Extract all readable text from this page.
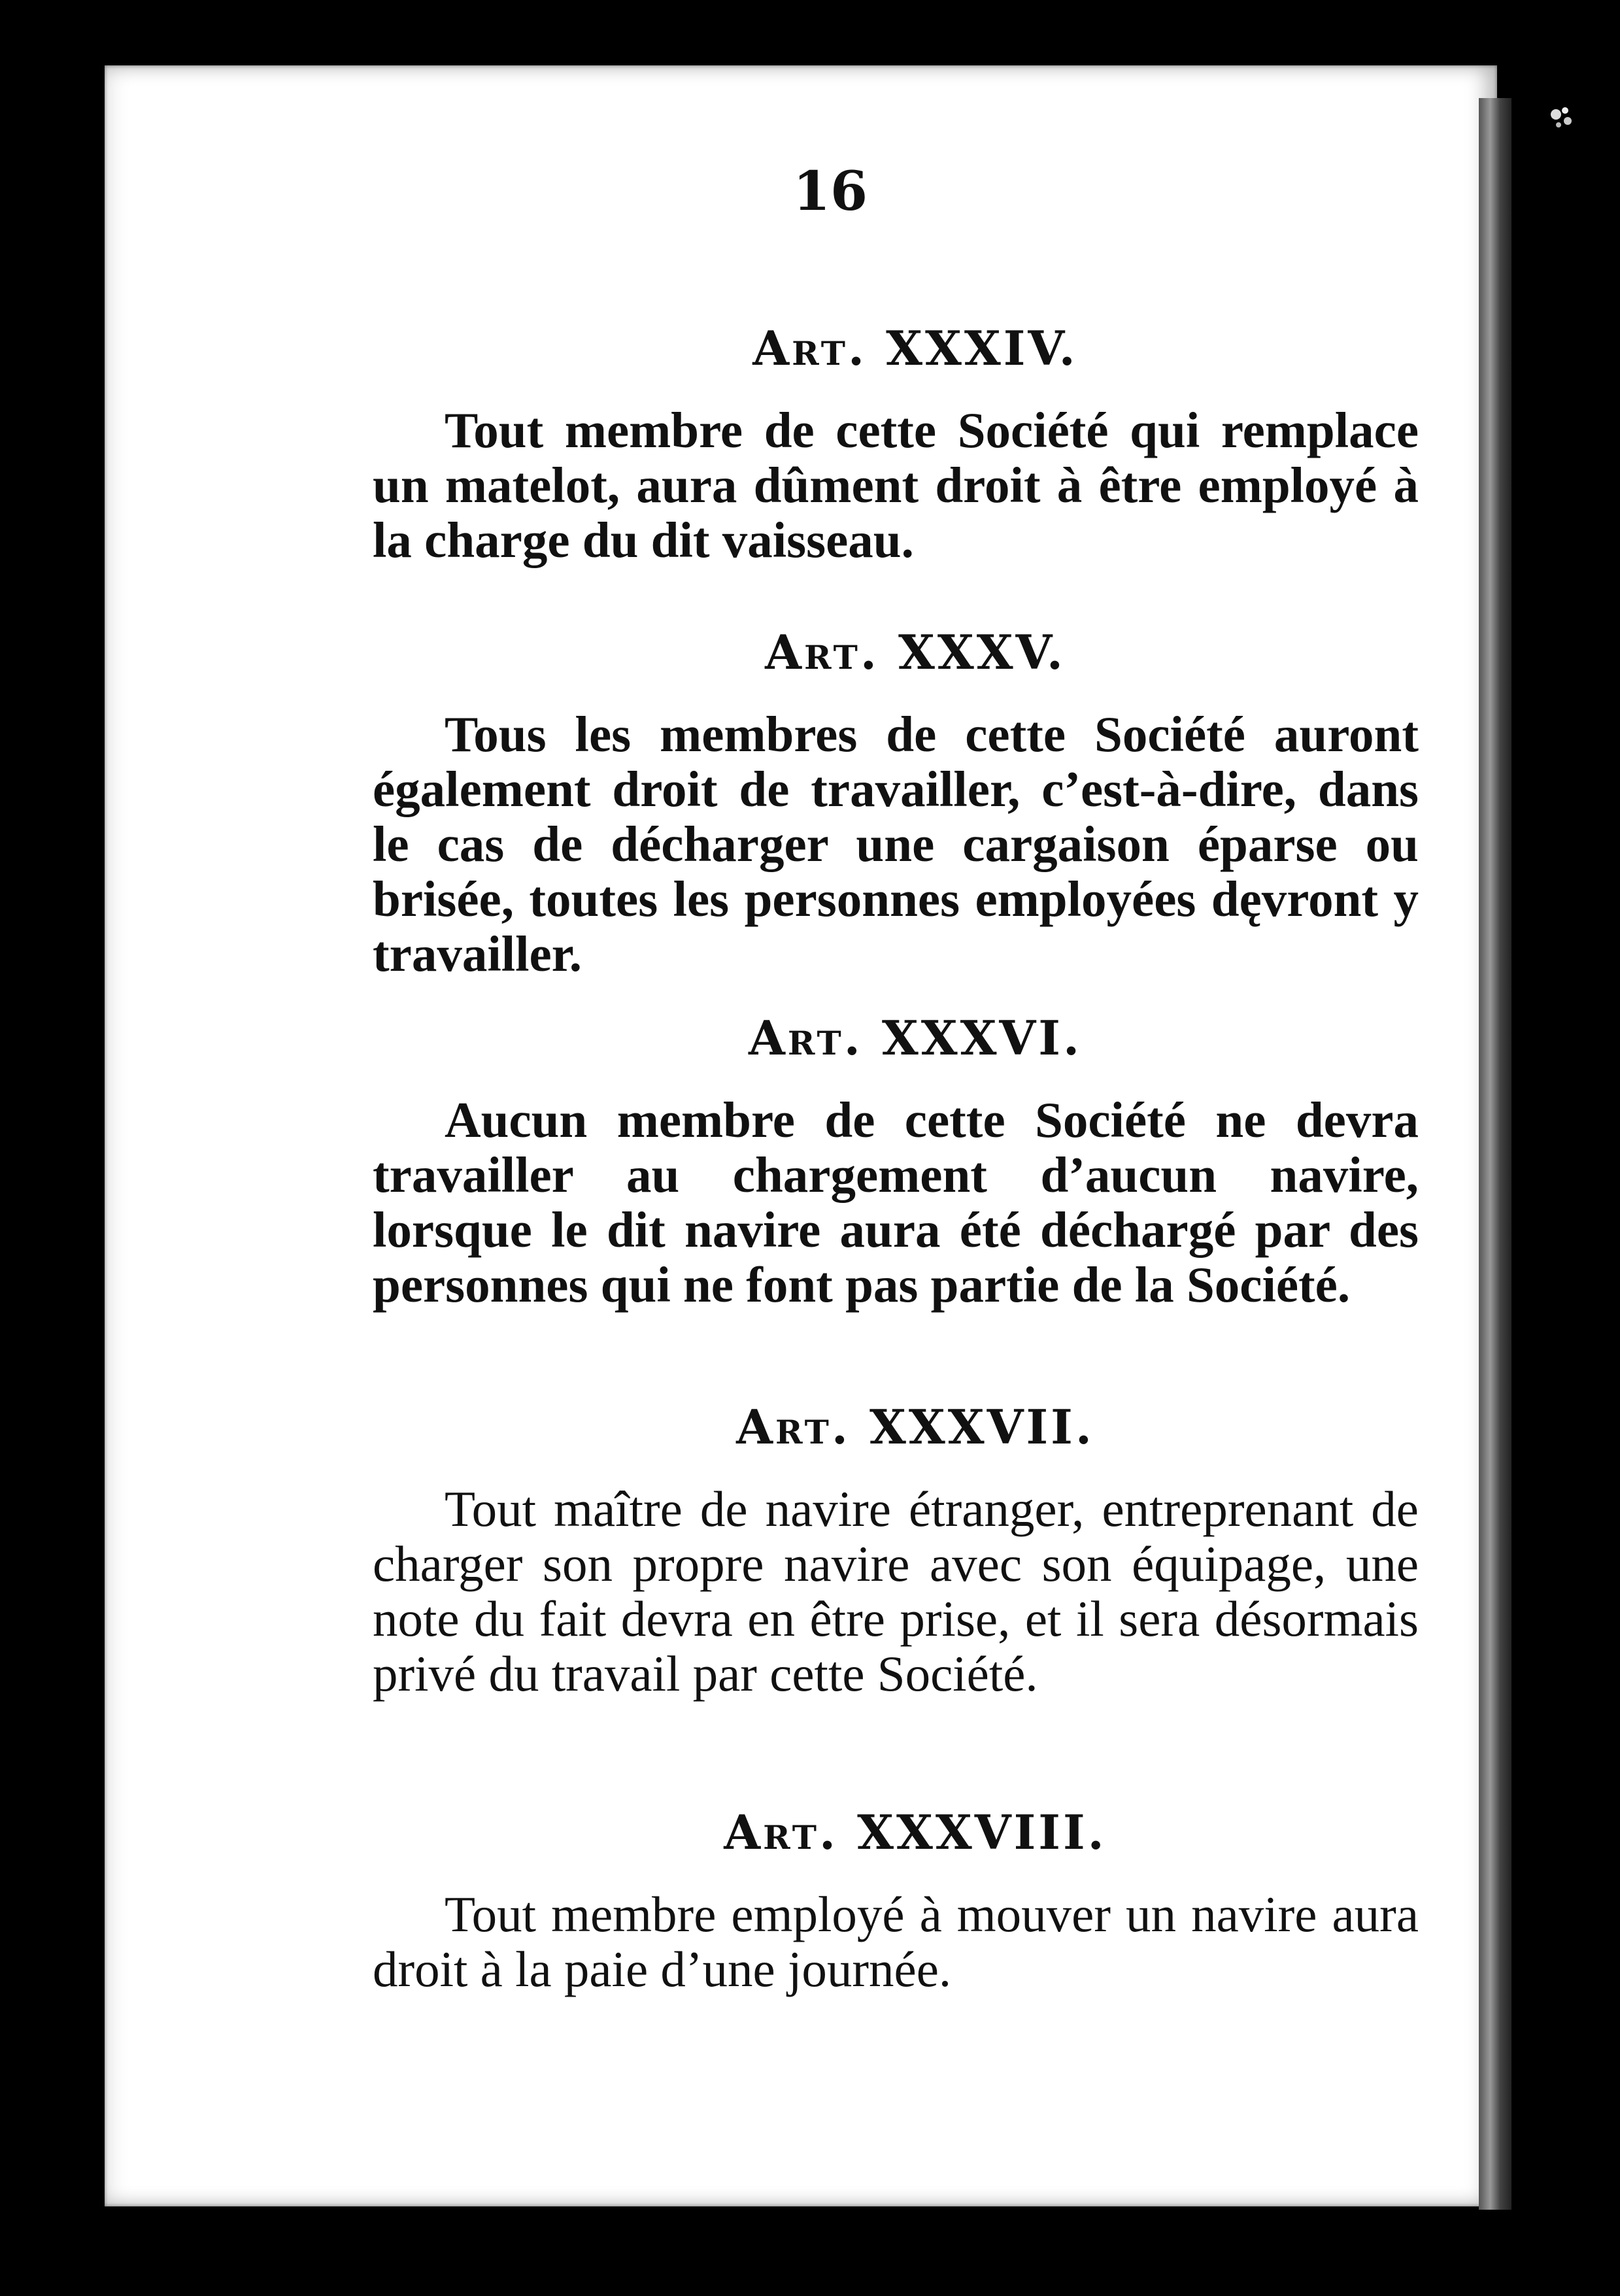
16
Art. XXXIV.

Tout membre de cette Société qui remplace un matelot, aura dûment droit à être employé à la charge du dit vaisseau.

Art. XXXV.

Tous les membres de cette Société auront également droit de travailler, c’est-à-dire, dans le cas de décharger une cargaison éparse ou brisée, toutes les personnes employées dęvront y travailler.

Art. XXXVI.

Aucun membre de cette Société ne devra travailler au chargement d’aucun navire, lorsque le dit navire aura été déchargé par des personnes qui ne font pas partie de la Société.

Art. XXXVII.

Tout maître de navire étranger, entreprenant de charger son propre navire avec son équipage, une note du fait devra en être prise, et il sera désormais privé du travail par cette Société.

Art. XXXVIII.

Tout membre employé à mouver un navire aura droit à la paie d’une journée.
